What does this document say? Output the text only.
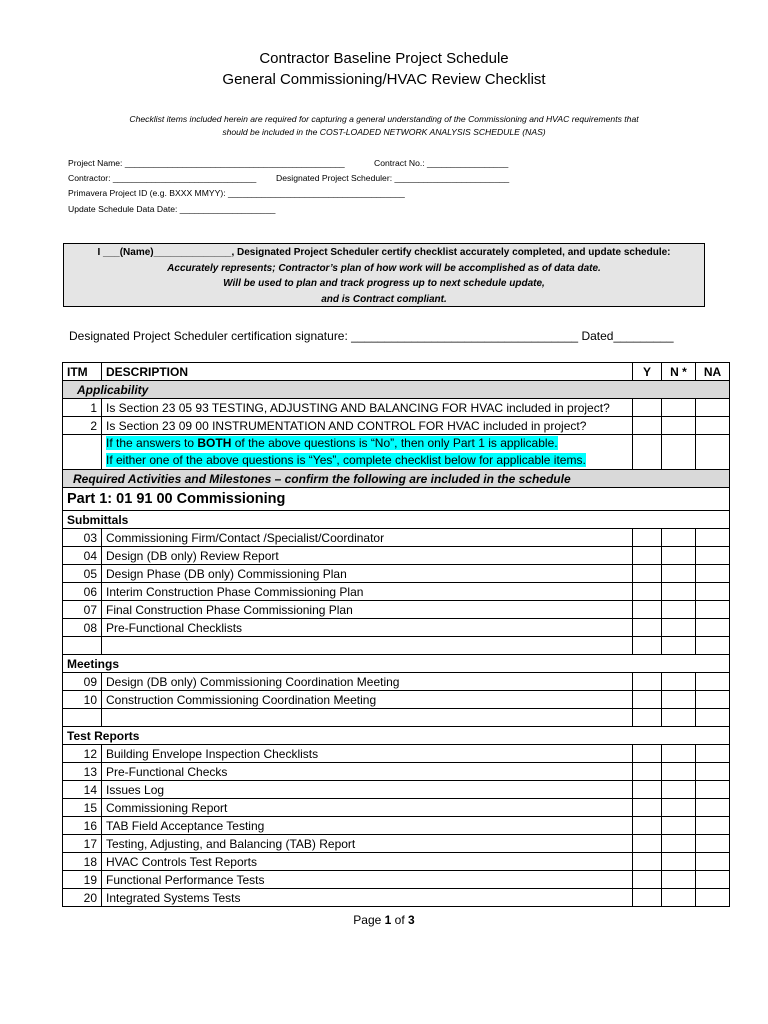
Contractor Baseline Project Schedule
General Commissioning/HVAC Review Checklist
Checklist items included herein are required for capturing a general understanding of the Commissioning and HVAC requirements that
should be included in the COST-LOADED NETWORK ANALYSIS SCHEDULE (NAS)
Project Name: ______________________________________________	Contract No.: _________________
Contractor: ______________________________ Designated Project Scheduler: ________________________
Primavera Project ID (e.g. BXXX MMYY): _____________________________________
Update Schedule Data Date: ____________________
I ___(Name)______________, Designated Project Scheduler certify checklist accurately completed, and update schedule:
Accurately represents; Contractor’s plan of how work will be accomplished as of data date.
Will be used to plan and track progress up to next schedule update,
and is Contract compliant.
Designated Project Scheduler certification signature: __________________________________ Dated_________
ITM	DESCRIPTION	Y	N *	NA
Applicability				
1	Is Section 23 05 93 TESTING, ADJUSTING AND BALANCING FOR HVAC included in project?			
2	Is Section 23 09 00 INSTRUMENTATION AND CONTROL FOR HVAC included in project?			
	If the answers to BOTH of the above questions is “No”, then only Part 1 is applicable.
If either one of the above questions is “Yes”, complete checklist below for applicable items.			
Required Activities and Milestones – confirm the following are included in the schedule				
Part 1: 01 91 00 Commissioning				
Submittals				
03	Commissioning Firm/Contact /Specialist/Coordinator			
04	Design (DB only) Review Report			
05	Design Phase (DB only) Commissioning Plan			
06	Interim Construction Phase Commissioning Plan			
07	Final Construction Phase Commissioning Plan			
08	Pre-Functional Checklists			

Meetings				
09	Design (DB only) Commissioning Coordination Meeting			
10	Construction Commissioning Coordination Meeting			

Test Reports				
12	Building Envelope Inspection Checklists			
13	Pre-Functional Checks			
14	Issues Log			
15	Commissioning Report			
16	TAB Field Acceptance Testing			
17	Testing, Adjusting, and Balancing (TAB) Report			
18	HVAC Controls Test Reports			
19	Functional Performance Tests			
20	Integrated Systems Tests			
Page 1 of 3
